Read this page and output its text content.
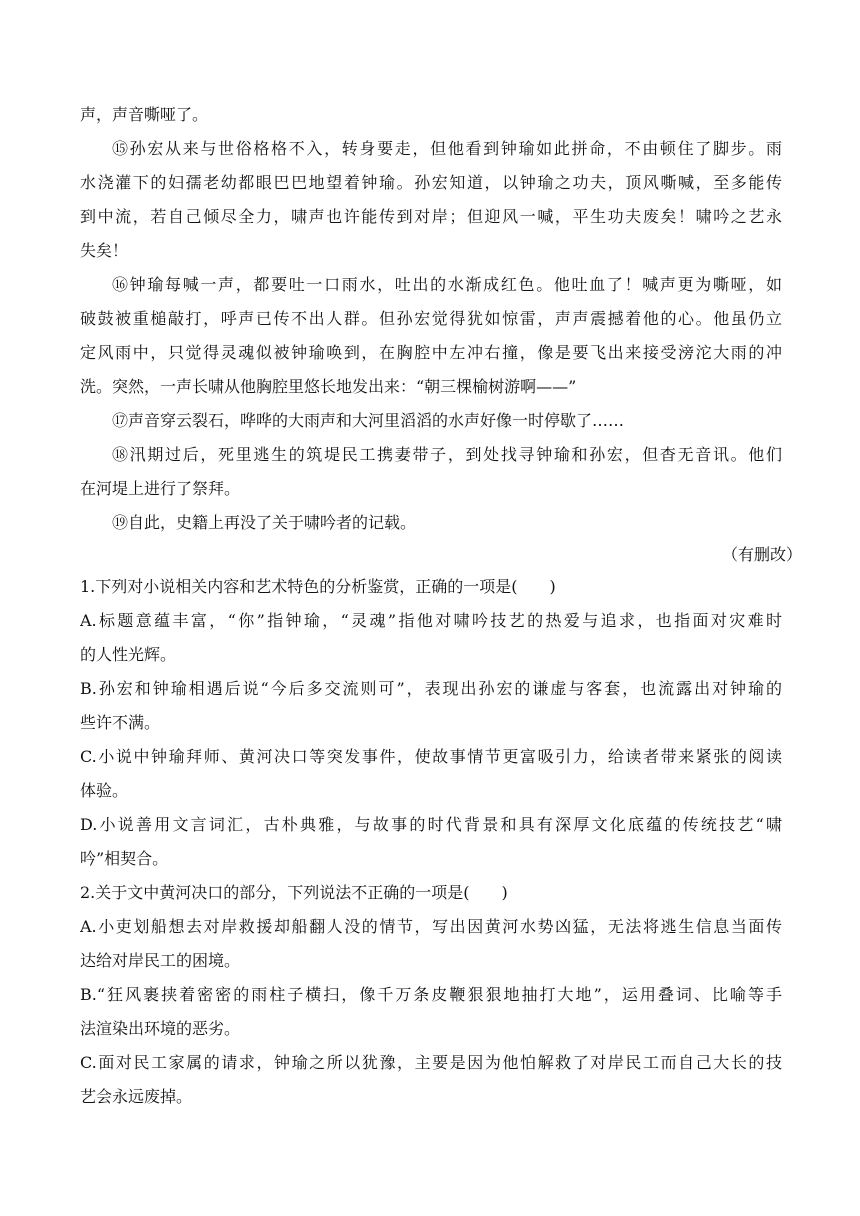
声，声音嘶哑了。
⑮孙宏从来与世俗格格不入，转身要走，但他看到钟瑜如此拼命，不由顿住了脚步。雨
水浇灌下的妇孺老幼都眼巴巴地望着钟瑜。孙宏知道，以钟瑜之功夫，顶风嘶喊，至多能传
到中流，若自己倾尽全力，啸声也许能传到对岸；但迎风一喊，平生功夫废矣！啸吟之艺永
失矣！
⑯钟瑜每喊一声，都要吐一口雨水，吐出的水渐成红色。他吐血了！喊声更为嘶哑，如
破鼓被重槌敲打，呼声已传不出人群。但孙宏觉得犹如惊雷，声声震撼着他的心。他虽仍立
定风雨中，只觉得灵魂似被钟瑜唤到，在胸腔中左冲右撞，像是要飞出来接受滂沱大雨的冲
洗。突然，一声长啸从他胸腔里悠长地发出来：“朝三棵榆树游啊——”
⑰声音穿云裂石，哗哗的大雨声和大河里滔滔的水声好像一时停歇了……
⑱汛期过后，死里逃生的筑堤民工携妻带子，到处找寻钟瑜和孙宏，但杳无音讯。他们
在河堤上进行了祭拜。
⑲自此，史籍上再没了关于啸吟者的记载。
（有删改）
1.下列对小说相关内容和艺术特色的分析鉴赏，正确的一项是(　　)
A.标题意蕴丰富，“你”指钟瑜，“灵魂”指他对啸吟技艺的热爱与追求，也指面对灾难时
的人性光辉。
B.孙宏和钟瑜相遇后说“今后多交流则可”，表现出孙宏的谦虚与客套，也流露出对钟瑜的
些许不满。
C.小说中钟瑜拜师、黄河决口等突发事件，使故事情节更富吸引力，给读者带来紧张的阅读
体验。
D.小说善用文言词汇，古朴典雅，与故事的时代背景和具有深厚文化底蕴的传统技艺“啸
吟”相契合。
2.关于文中黄河决口的部分，下列说法不正确的一项是(　　)
A.小吏划船想去对岸救援却船翻人没的情节，写出因黄河水势凶猛，无法将逃生信息当面传
达给对岸民工的困境。
B.“狂风裹挟着密密的雨柱子横扫，像千万条皮鞭狠狠地抽打大地”，运用叠词、比喻等手
法渲染出环境的恶劣。
C.面对民工家属的请求，钟瑜之所以犹豫，主要是因为他怕解救了对岸民工而自己大长的技
艺会永远废掉。
